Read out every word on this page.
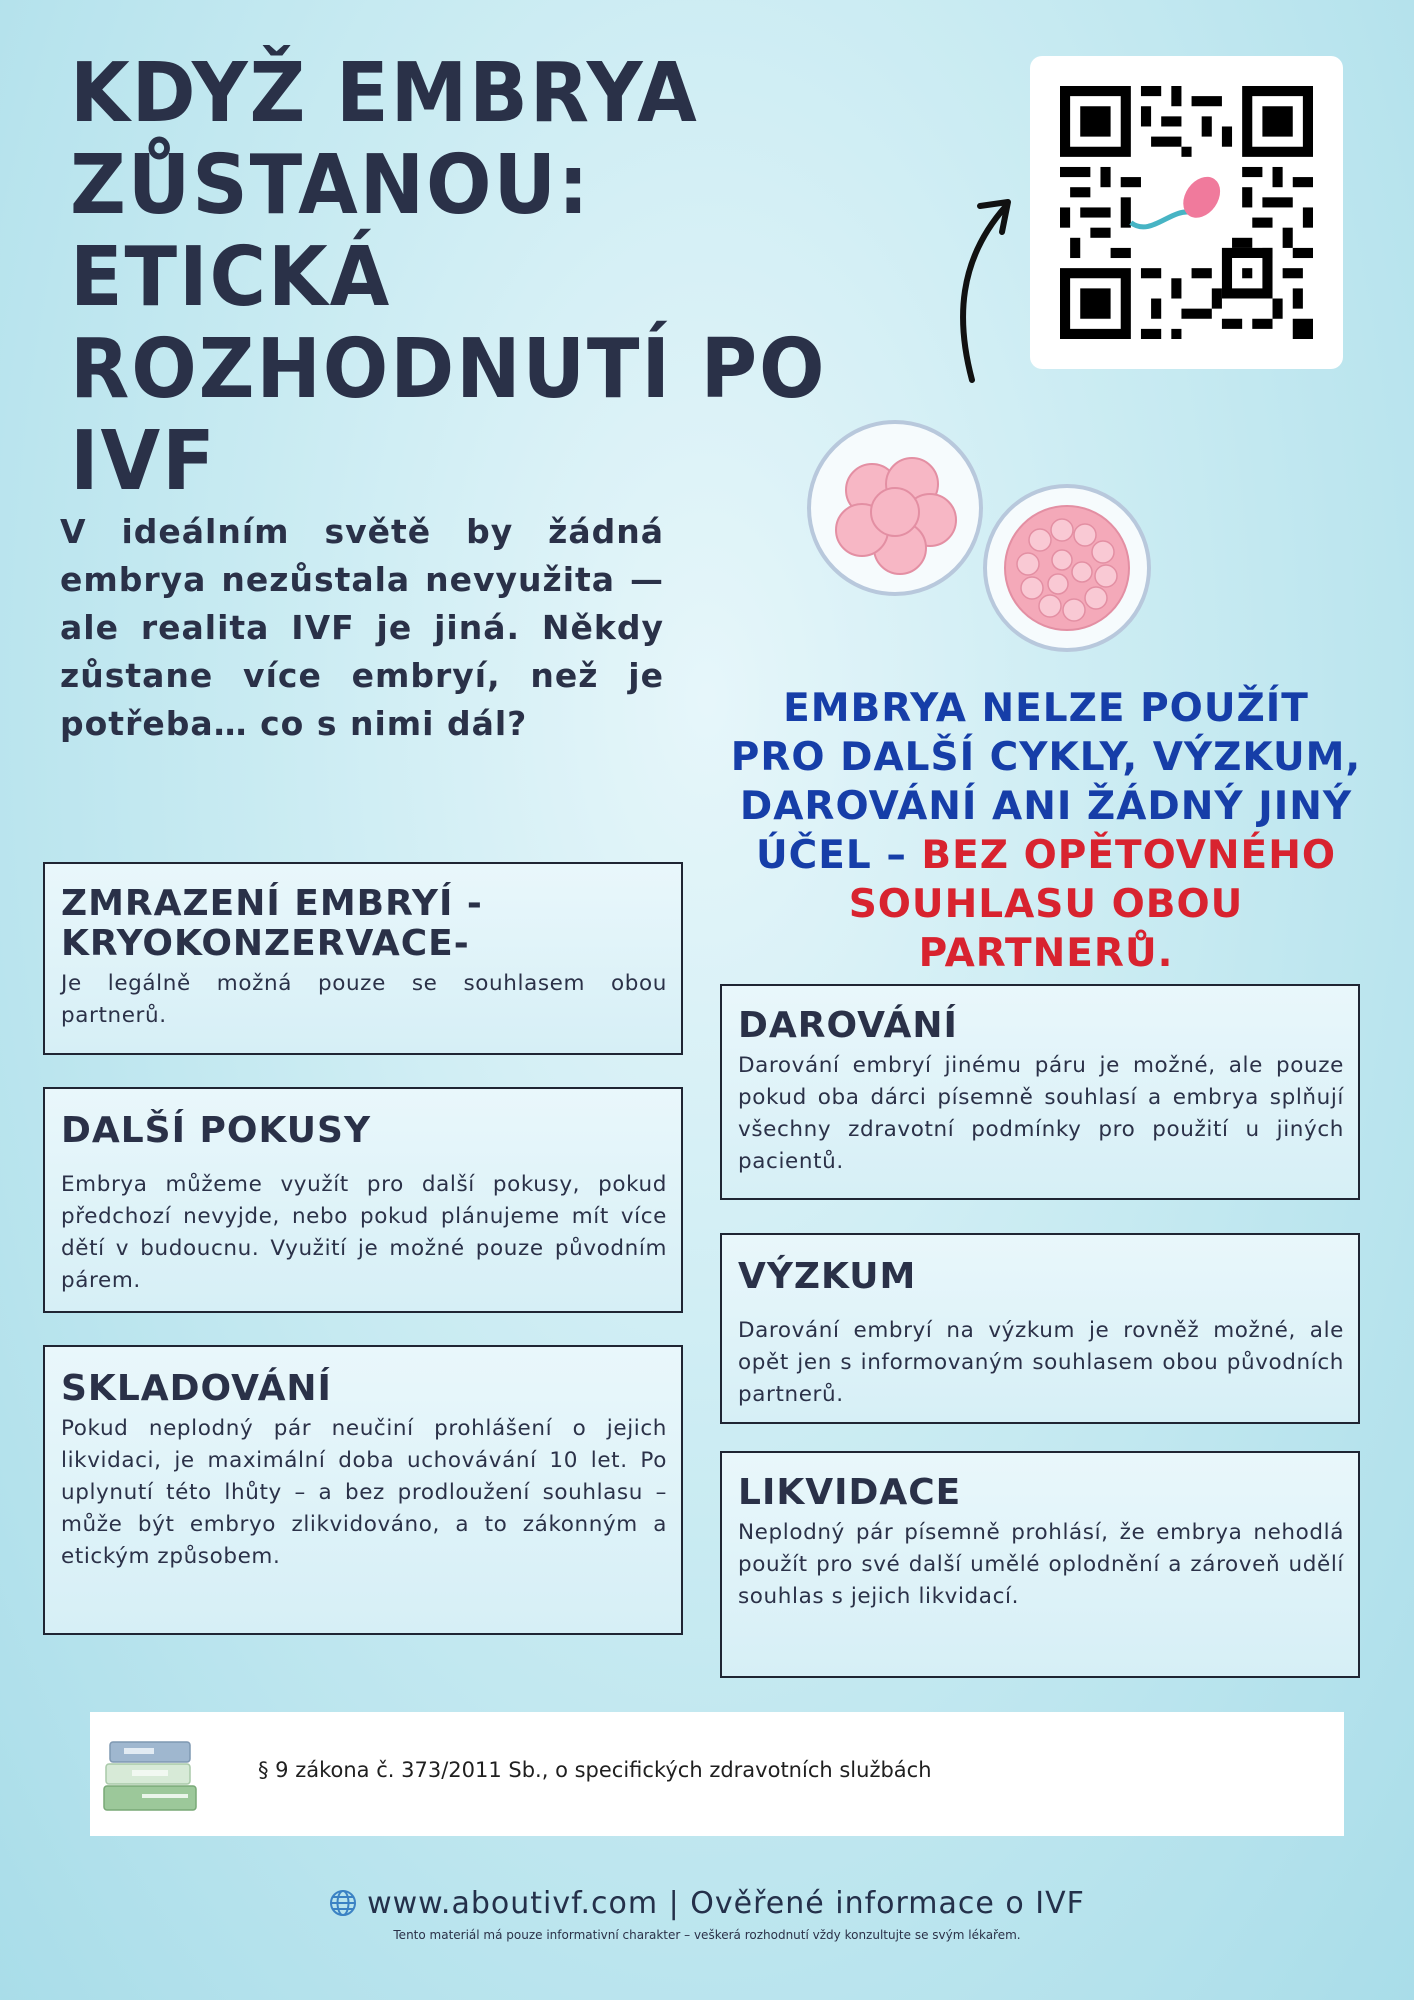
KDYŽ EMBRYA ZŮSTANOU: ETICKÁ ROZHODNUTÍ PO IVF

V ideálním světě by žádná embrya nezůstala nevyužita — ale realita IVF je jiná. Někdy zůstane více embryí, než je potřeba… co s nimi dál?	EMBRYA NELZE POUŽÍT PRO DALŠÍ CYKLY, VÝZKUM, DAROVÁNÍ ANI ŽÁDNÝ JINÝ ÚČEL – BEZ OPĚTOVNÉHO SOUHLASU OBOU PARTNERŮ.

ZMRAZENÍ EMBRYÍ -KRYOKONZERVACE-

Je legálně možná pouze se souhlasem obou partnerů.

DALŠÍ POKUSY

Embrya můžeme využít pro další pokusy, pokud předchozí nevyjde, nebo pokud plánujeme mít více dětí v budoucnu. Využití je možné pouze původním párem.

SKLADOVÁNÍ

Pokud neplodný pár neučiní prohlášení o jejich likvidaci, je maximální doba uchovávání 10 let. Po uplynutí této lhůty – a bez prodloužení souhlasu – může být embryo zlikvidováno, a to zákonným a etickým způsobem.

DAROVÁNÍ

Darování embryí jinému páru je možné, ale pouze pokud oba dárci písemně souhlasí a embrya splňují všechny zdravotní podmínky pro použití u jiných pacientů.

VÝZKUM

Darování embryí na výzkum je rovněž možné, ale opět jen s informovaným souhlasem obou původních partnerů.

LIKVIDACE

Neplodný pár písemně prohlásí, že embrya nehodlá použít pro své další umělé oplodnění a zároveň udělí souhlas s jejich likvidací.

§ 9 zákona č. 373/2011 Sb., o specifických zdravotních službách
www.aboutivf.com | Ověřené informace o IVF
Tento materiál má pouze informativní charakter – veškerá rozhodnutí vždy konzultujte se svým lékařem.
